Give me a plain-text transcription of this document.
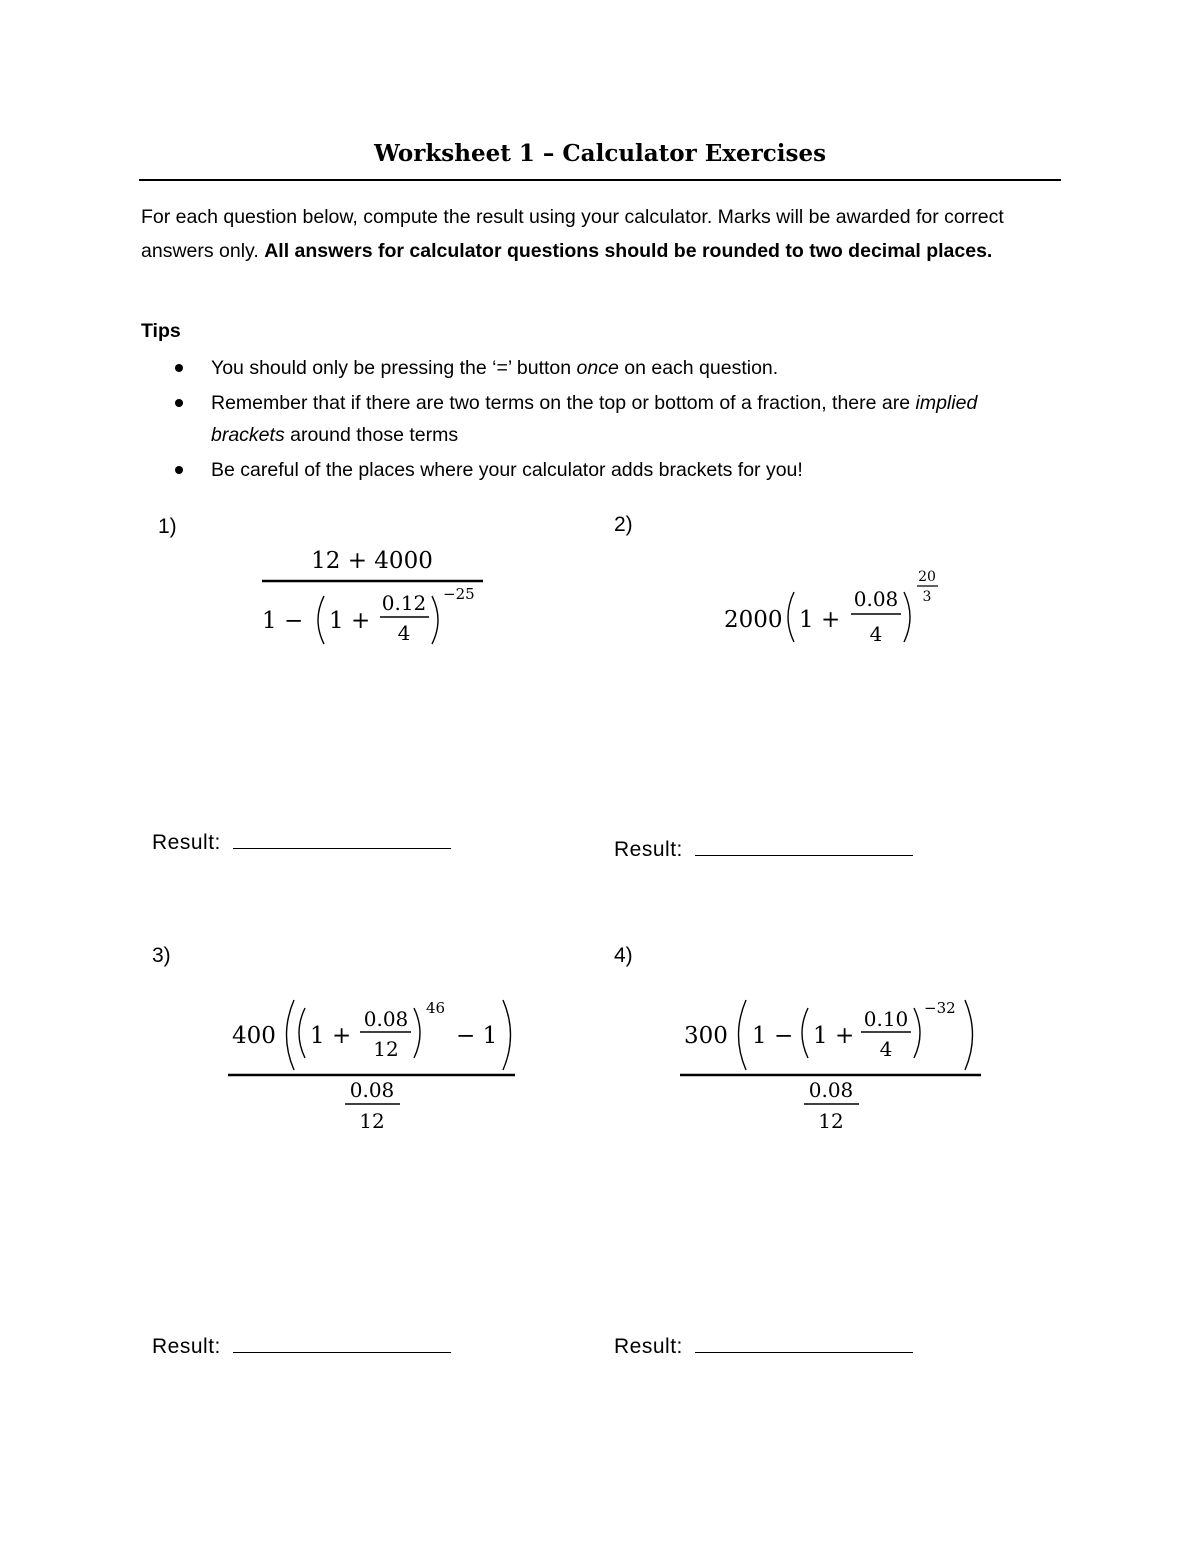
Worksheet 1 – Calculator Exercises
For each question below, compute the result using your calculator. Marks will be awarded for correct answers only. All answers for calculator questions should be rounded to two decimal places.
Tips
You should only be pressing the ‘=’ button once on each question.
Remember that if there are two terms on the top or bottom of a fraction, there are implied brackets around those terms
Be careful of the places where your calculator adds brackets for you!
1)	2)
3)	4)
12 + 4000
1 − 1 +
0.12
4
−25
2000 1 +
0.08
4
20
3
400 1 +
0.08
12
46
− 1
0.08
12
300 1 − 1 +
0.10
4
−32
0.08
12
Result:	Result:
Result:	Result:
